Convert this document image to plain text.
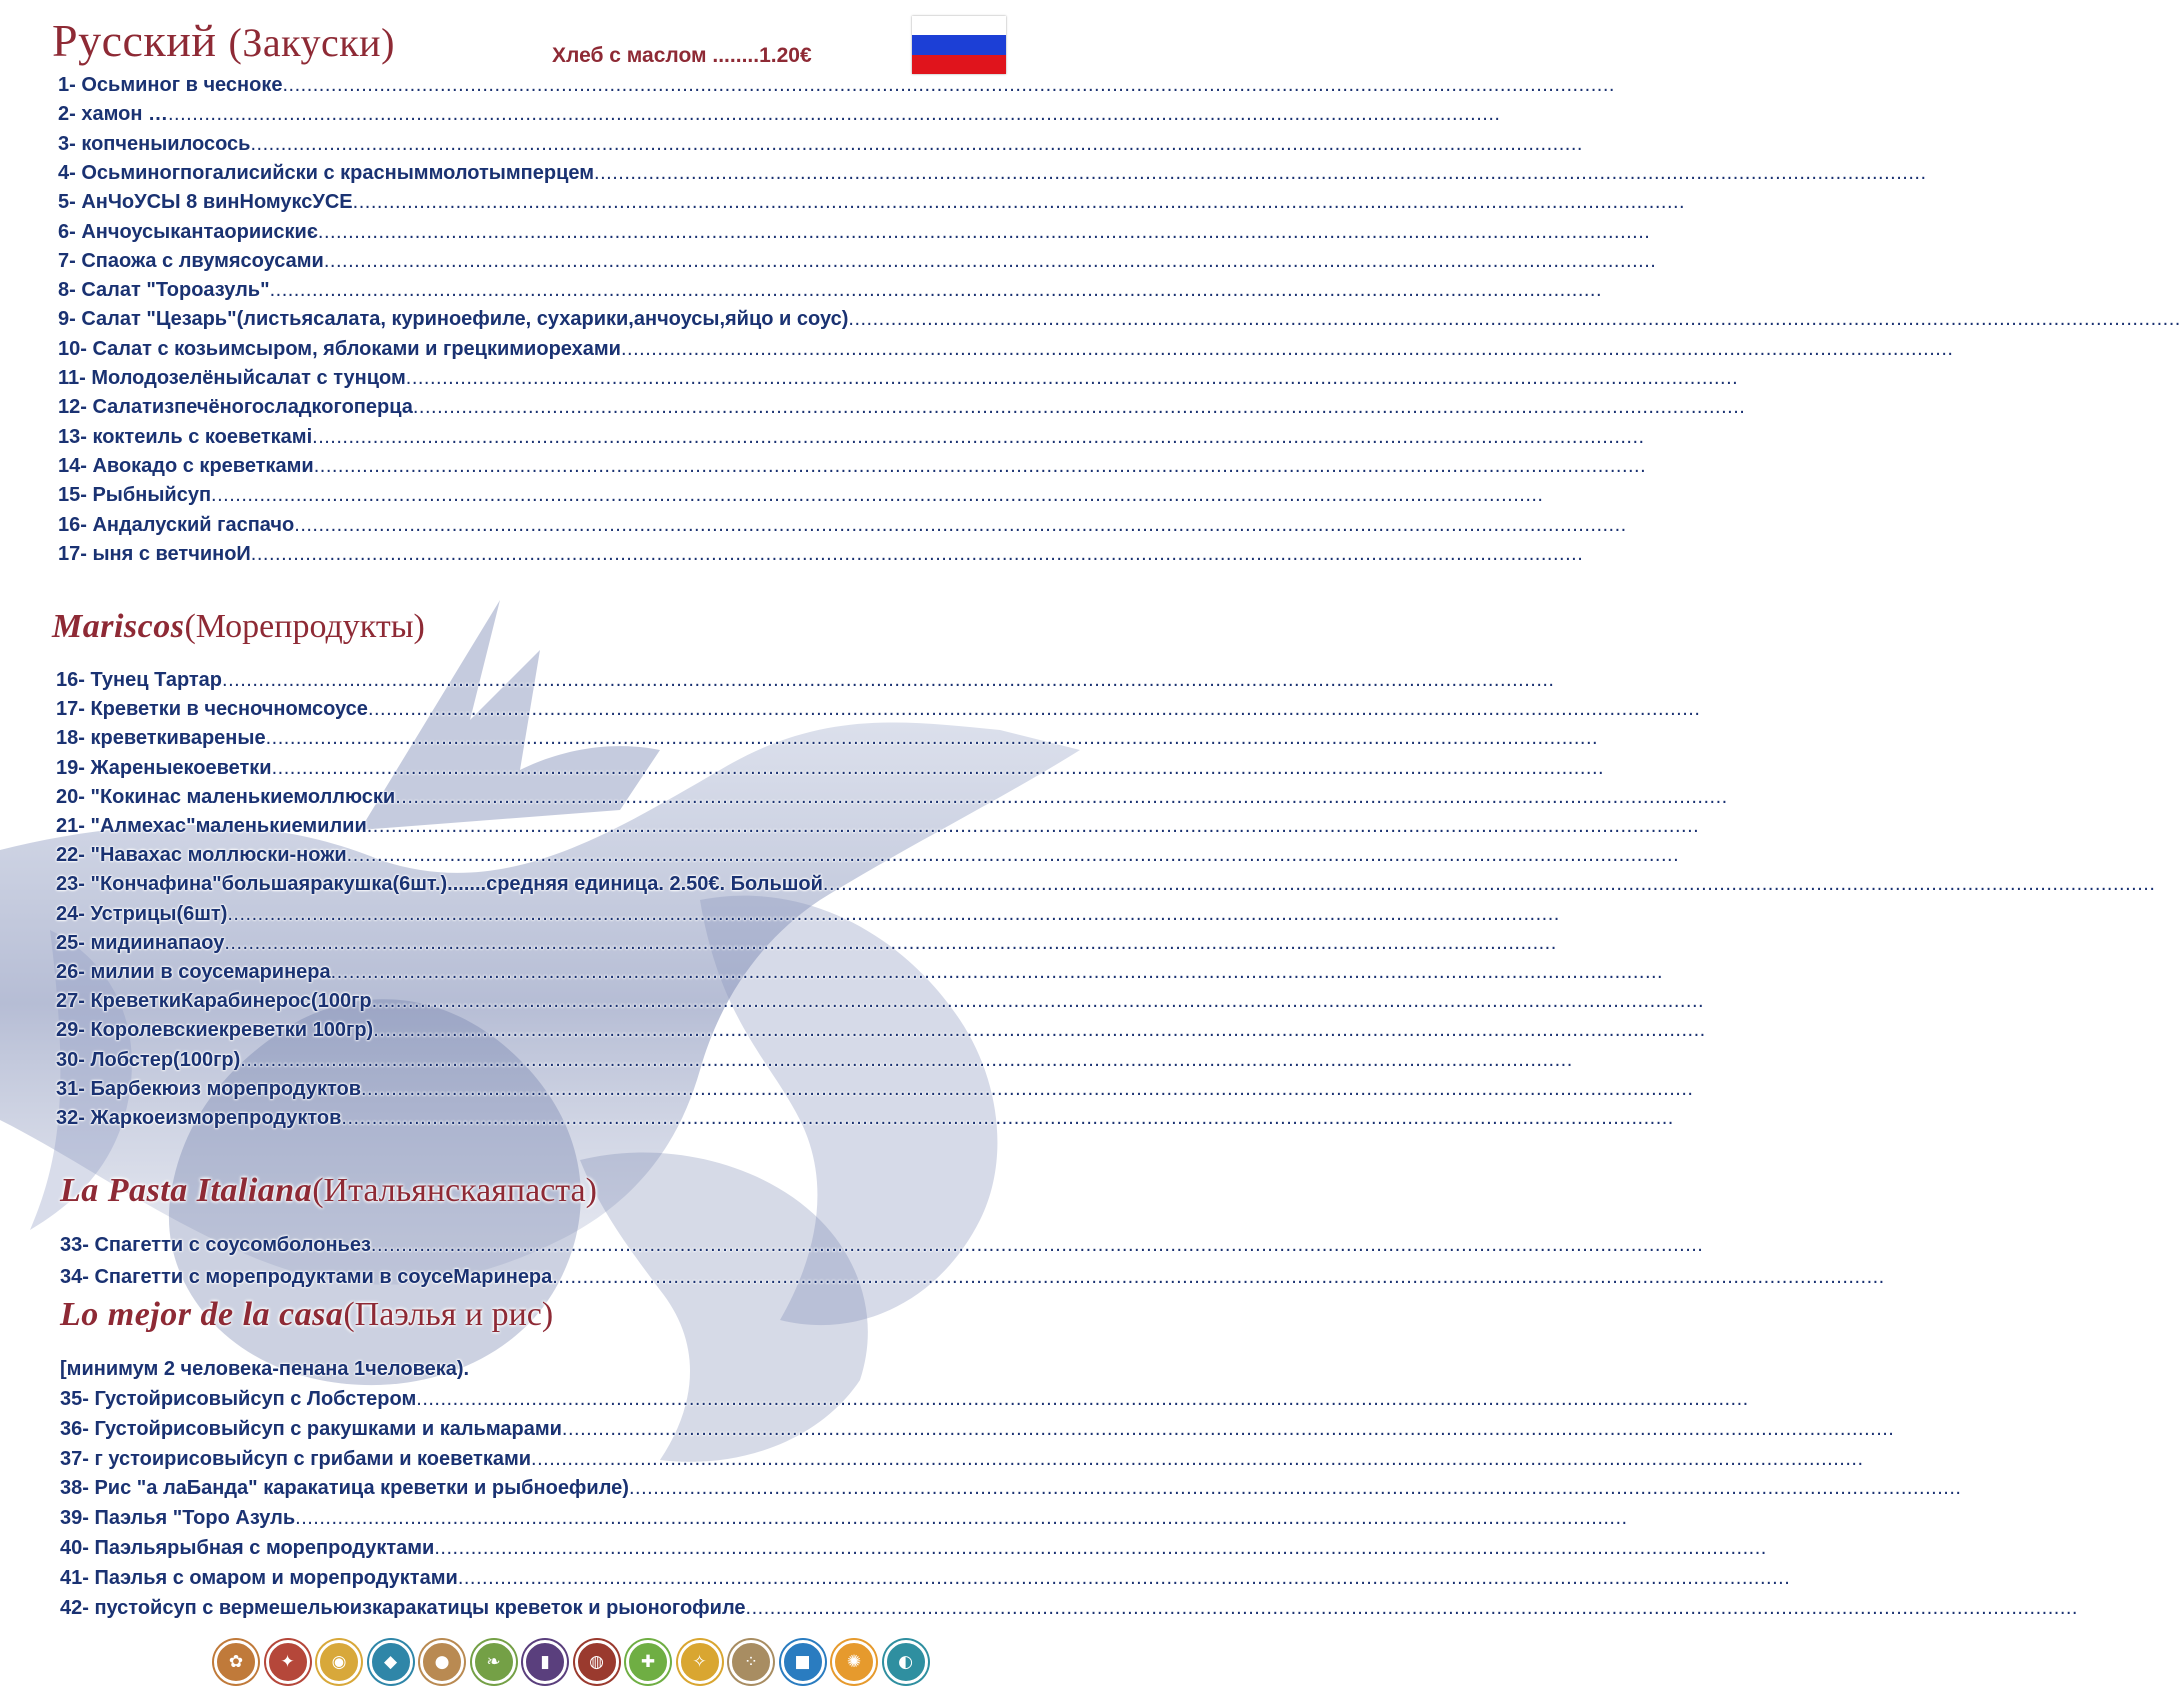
Русский (Закуски)	Хлеб с маслом ........1.20€
1- Осьминог в чесноке............................................................................................................................................................................................................................
2- хамон …............................................................................................................................................................................................................................
3- копченыилосось............................................................................................................................................................................................................................
4- Осьминогпогалисийски с красныммолотымперцем............................................................................................................................................................................................................................
5- АнЧоУСЫ 8 винНомуксУСЕ............................................................................................................................................................................................................................
6- Анчоусыкантаориискиє............................................................................................................................................................................................................................
7- Спаожа с лвумясоусами............................................................................................................................................................................................................................
8- Салат "Тороазуль"............................................................................................................................................................................................................................
9- Салат "Цезарь"(листьясалата, куриноефиле, сухарики,анчоусы,яйцо и соус)............................................................................................................................................................................................................................
10- Салат с козьимсыром, яблоками и грецкимиорехами............................................................................................................................................................................................................................
11- Молодозелёныйсалат с тунцом............................................................................................................................................................................................................................
12- Салатизпечёногосладкогоперца............................................................................................................................................................................................................................
13- коктеиль с коеветкамі............................................................................................................................................................................................................................
14- Авокадо с креветками............................................................................................................................................................................................................................
15- Рыбныйсуп............................................................................................................................................................................................................................
16- Андалуский гаспачо............................................................................................................................................................................................................................
17- ыня с ветчиноИ............................................................................................................................................................................................................................
Mariscos(Морепродукты)
16- Тунец Тартар............................................................................................................................................................................................................................
17- Креветки в чесночномсоусе............................................................................................................................................................................................................................
18- креветкивареные............................................................................................................................................................................................................................
19- Жареныекоеветки............................................................................................................................................................................................................................
20- "Кокинас маленькиемоллюски............................................................................................................................................................................................................................
21- "Алмехас"маленькиемилии............................................................................................................................................................................................................................
22- "Навахас моллюски-ножи............................................................................................................................................................................................................................
23- "Кончафина"большаяракушка(6шт.).......средняя единица. 2.50€. Большой............................................................................................................................................................................................................................
24- Устрицы(6шт)............................................................................................................................................................................................................................
25- мидиинапаоу............................................................................................................................................................................................................................
26- милии в соусемаринера............................................................................................................................................................................................................................
27- КреветкиКарабинерос(100гр............................................................................................................................................................................................................................
29- Королевскиекреветки 100гр)............................................................................................................................................................................................................................
30- Лобстер(100гр)............................................................................................................................................................................................................................
31- Барбекюиз морепродуктов............................................................................................................................................................................................................................
32- Жаркоеизморепродуктов............................................................................................................................................................................................................................
La Pasta Italiana(Итальянскаяпаста)
33- Спагетти с соусомболоньез............................................................................................................................................................................................................................
34- Спагетти с морепродуктами в соусеМаринера............................................................................................................................................................................................................................
Lo mejor de la casa(Паэлья и рис)
[минимум 2 человека-пенана 1человека).
35- Густойрисовыйсуп с Лобстером............................................................................................................................................................................................................................
36- Густойрисовыйсуп с ракушками и кальмарами............................................................................................................................................................................................................................
37- г устоирисовыйсуп с грибами и коеветками............................................................................................................................................................................................................................
38- Рис "а лаБанда" каракатица креветки и рыбноефиле)............................................................................................................................................................................................................................
39- Паэлья "Торо Азуль............................................................................................................................................................................................................................
40- Паэльярыбная с морепродуктами............................................................................................................................................................................................................................
41- Паэлья с омаром и морепродуктами............................................................................................................................................................................................................................
42- пустойсуп с вермешельюизкаракатицы креветок и рыоногофиле............................................................................................................................................................................................................................
✿ ✦ ◉ ◆ ● ❧ ▮ ◍ ✚ ✧ ⁘ ■ ✺ ◐
